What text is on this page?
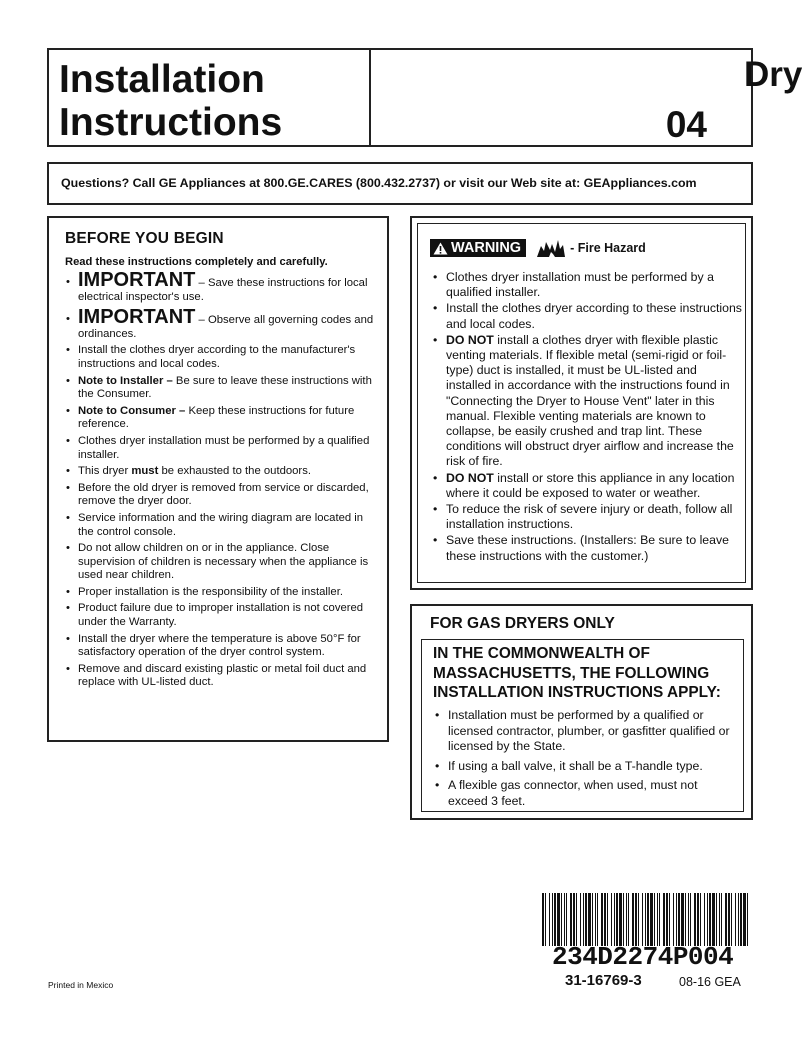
Installation
Instructions	04
Dry
Questions? Call GE Appliances at 800.GE.CARES (800.432.2737) or visit our Web site at: GEAppliances.com
BEFORE YOU BEGIN
Read these instructions completely and carefully.
• IMPORTANT – Save these instructions for local electrical inspector's use.
• IMPORTANT – Observe all governing codes and ordinances.
• Install the clothes dryer according to the manufacturer's instructions and local codes.
• Note to Installer – Be sure to leave these instructions with the Consumer.
• Note to Consumer – Keep these instructions for future reference.
• Clothes dryer installation must be performed by a qualified installer.
• This dryer must be exhausted to the outdoors.
• Before the old dryer is removed from service or discarded, remove the dryer door.
• Service information and the wiring diagram are located in the control console.
• Do not allow children on or in the appliance. Close supervision of children is necessary when the appliance is used near children.
• Proper installation is the responsibility of the installer.
• Product failure due to improper installation is not covered under the Warranty.
• Install the dryer where the temperature is above 50°F for satisfactory operation of the dryer control system.
• Remove and discard existing plastic or metal foil duct and replace with UL-listed duct.
WARNING	- Fire Hazard
• Clothes dryer installation must be performed by a qualified installer.
• Install the clothes dryer according to these instructions and local codes.
• DO NOT install a clothes dryer with flexible plastic venting materials. If flexible metal (semi-rigid or foil-type) duct is installed, it must be UL-listed and installed in accordance with the instructions found in "Connecting the Dryer to House Vent" later in this manual. Flexible venting materials are known to collapse, be easily crushed and trap lint. These conditions will obstruct dryer airflow and increase the risk of fire.
• DO NOT install or store this appliance in any location where it could be exposed to water or weather.
• To reduce the risk of severe injury or death, follow all installation instructions.
• Save these instructions. (Installers: Be sure to leave these instructions with the customer.)
FOR GAS DRYERS ONLY
IN THE COMMONWEALTH OF MASSACHUSETTS, THE FOLLOWING INSTALLATION INSTRUCTIONS APPLY:
• Installation must be performed by a qualified or licensed contractor, plumber, or gasfitter qualified or licensed by the State.
• If using a ball valve, it shall be a T-handle type.
• A flexible gas connector, when used, must not exceed 3 feet.
Printed in Mexico
234D2274P004
31-16769-3	08-16 GEA
